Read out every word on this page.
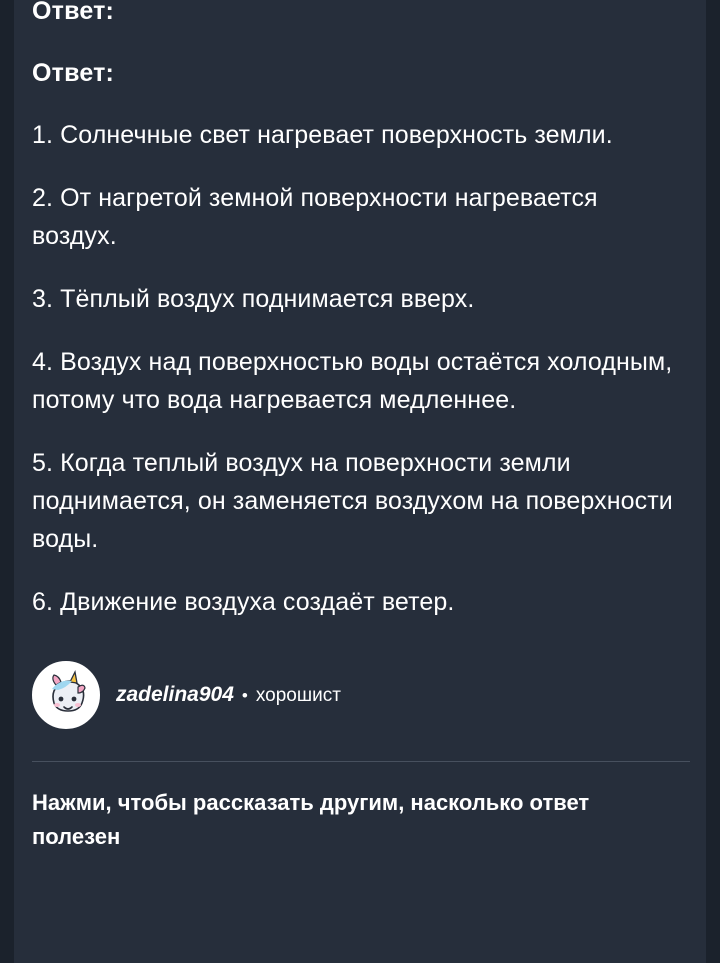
Ответ:
Ответ:

1. Солнечные свет нагревает поверхность земли.

2. От нагретой земной поверхности нагревается воздух.

3. Тёплый воздух поднимается вверх.

4. Воздух над поверхностью воды остаётся холодным, потому что вода нагревается медленнее.

5. Когда теплый воздух на поверхности земли поднимается, он заменяется воздухом на поверхности воды.

6. Движение воздуха создаёт ветер.

zadelina904 • хорошист
Нажми, чтобы рассказать другим, насколько ответ полезен
